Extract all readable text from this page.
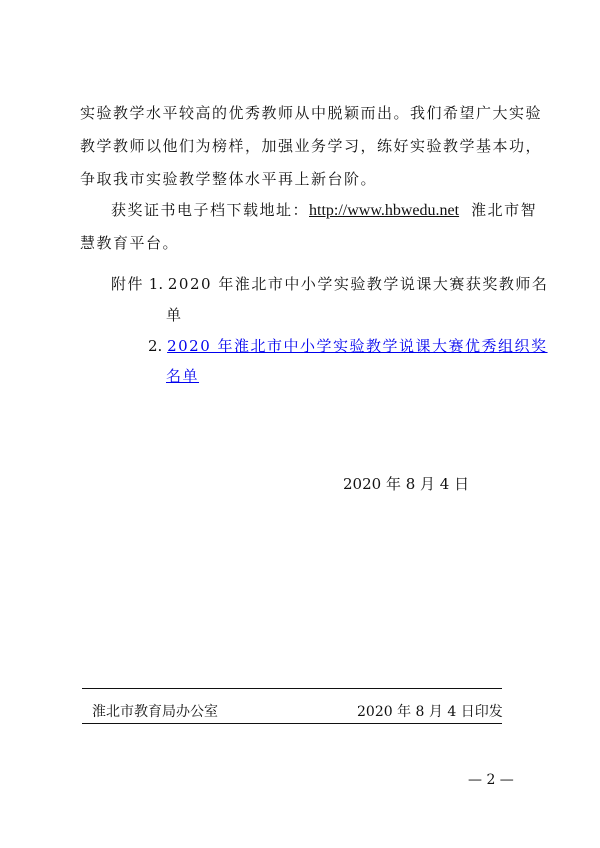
实验教学水平较高的优秀教师从中脱颖而出。我们希望广大实验
教学教师以他们为榜样，加强业务学习，练好实验教学基本功，
争取我市实验教学整体水平再上新台阶。
获奖证书电子档下载地址：http://www.hbwedu.net 淮北市智
慧教育平台。
附件 1. 2020 年淮北市中小学实验教学说课大赛获奖教师名
单
2. 2020 年淮北市中小学实验教学说课大赛优秀组织奖
名单
2020 年 8 月 4 日
淮北市教育局办公室	2020 年 8 月 4 日印发
— 2 —
